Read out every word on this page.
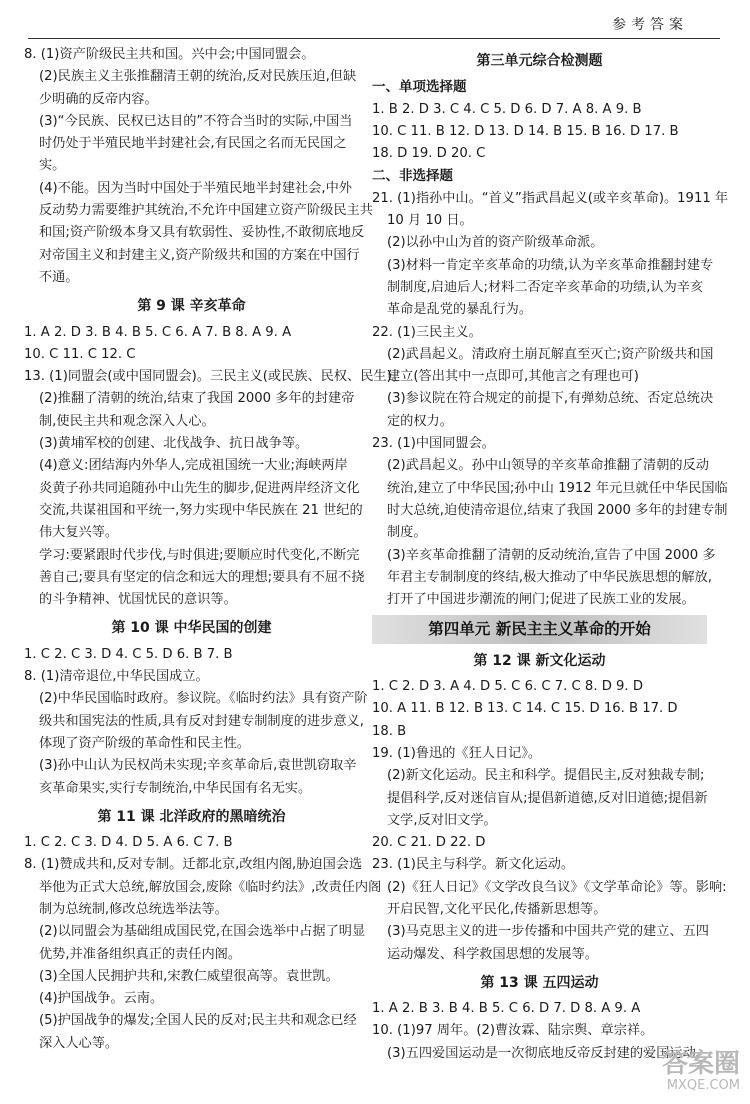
参考答案
8. (1)资产阶级民主共和国。兴中会;中国同盟会。
(2)民族主义主张推翻清王朝的统治,反对民族压迫,但缺
少明确的反帝内容。
(3)“今民族、民权已达目的”不符合当时的实际,中国当
时仍处于半殖民地半封建社会,有民国之名而无民国之
实。
(4)不能。因为当时中国处于半殖民地半封建社会,中外
反动势力需要维护其统治,不允许中国建立资产阶级民主共
和国;资产阶级本身又具有软弱性、妥协性,不敢彻底地反
对帝国主义和封建主义,资产阶级共和国的方案在中国行
不通。
第 9 课 辛亥革命
1. A 2. D 3. B 4. B 5. C 6. A 7. B 8. A 9. A
10. C 11. C 12. C
13. (1)同盟会(或中国同盟会)。三民主义(或民族、民权、民生)。
(2)推翻了清朝的统治,结束了我国 2000 多年的封建帝
制,使民主共和观念深入人心。
(3)黄埔军校的创建、北伐战争、抗日战争等。
(4)意义:团结海内外华人,完成祖国统一大业;海峡两岸
炎黄子孙共同追随孙中山先生的脚步,促进两岸经济文化
交流,共谋祖国和平统一,努力实现中华民族在 21 世纪的
伟大复兴等。
学习:要紧跟时代步伐,与时俱进;要顺应时代变化,不断完
善自己;要具有坚定的信念和远大的理想;要具有不屈不挠
的斗争精神、忧国忧民的意识等。
第 10 课 中华民国的创建
1. C 2. C 3. D 4. C 5. D 6. B 7. B
8. (1)清帝退位,中华民国成立。
(2)中华民国临时政府。参议院。《临时约法》具有资产阶
级共和国宪法的性质,具有反对封建专制制度的进步意义,
体现了资产阶级的革命性和民主性。
(3)孙中山认为民权尚未实现;辛亥革命后,袁世凯窃取辛
亥革命果实,实行专制统治,中华民国有名无实。
第 11 课 北洋政府的黑暗统治
1. C 2. C 3. D 4. D 5. A 6. C 7. B
8. (1)赞成共和,反对专制。迁都北京,改组内阁,胁迫国会选
举他为正式大总统,解放国会,废除《临时约法》,改责任内阁
制为总统制,修改总统选举法等。
(2)以同盟会为基础组成国民党,在国会选举中占据了明显
优势,并准备组织真正的责任内阁。
(3)全国人民拥护共和,宋教仁威望很高等。袁世凯。
(4)护国战争。云南。
(5)护国战争的爆发;全国人民的反对;民主共和观念已经
深入人心等。
第三单元综合检测题
一、单项选择题
1. B 2. D 3. C 4. C 5. D 6. D 7. A 8. A 9. B
10. C 11. B 12. D 13. D 14. B 15. B 16. D 17. B
18. D 19. D 20. C
二、非选择题
21. (1)指孙中山。“首义”指武昌起义(或辛亥革命)。1911 年
10 月 10 日。
(2)以孙中山为首的资产阶级革命派。
(3)材料一肯定辛亥革命的功绩,认为辛亥革命推翻封建专
制制度,启迪后人;材料二否定辛亥革命的功绩,认为辛亥
革命是乱党的暴乱行为。
22. (1)三民主义。
(2)武昌起义。清政府土崩瓦解直至灭亡;资产阶级共和国
建立(答出其中一点即可,其他言之有理也可)
(3)参议院在符合规定的前提下,有弹劾总统、否定总统决
定的权力。
23. (1)中国同盟会。
(2)武昌起义。孙中山领导的辛亥革命推翻了清朝的反动
统治,建立了中华民国;孙中山 1912 年元旦就任中华民国临
时大总统,迫使清帝退位,结束了我国 2000 多年的封建专制
制度。
(3)辛亥革命推翻了清朝的反动统治,宣告了中国 2000 多
年君主专制制度的终结,极大推动了中华民族思想的解放,
打开了中国进步潮流的闸门;促进了民族工业的发展。
第四单元 新民主主义革命的开始
第 12 课 新文化运动
1. C 2. D 3. A 4. D 5. C 6. C 7. C 8. D 9. D
10. A 11. B 12. B 13. C 14. C 15. D 16. B 17. D
18. B
19. (1)鲁迅的《狂人日记》。
(2)新文化运动。民主和科学。提倡民主,反对独裁专制;
提倡科学,反对迷信盲从;提倡新道德,反对旧道德;提倡新
文学,反对旧文学。
20. C 21. D 22. D
23. (1)民主与科学。新文化运动。
(2)《狂人日记》《文学改良刍议》《文学革命论》等。影响:
开启民智,文化平民化,传播新思想等。
(3)马克思主义的进一步传播和中国共产党的建立、五四
运动爆发、科学救国思想的发展等。
第 13 课 五四运动
1. A 2. B 3. B 4. B 5. C 6. D 7. D 8. A 9. A
10. (1)97 周年。(2)曹汝霖、陆宗舆、章宗祥。
(3)五四爱国运动是一次彻底地反帝反封建的爱国运动。
答案圈
MXQE.COM
